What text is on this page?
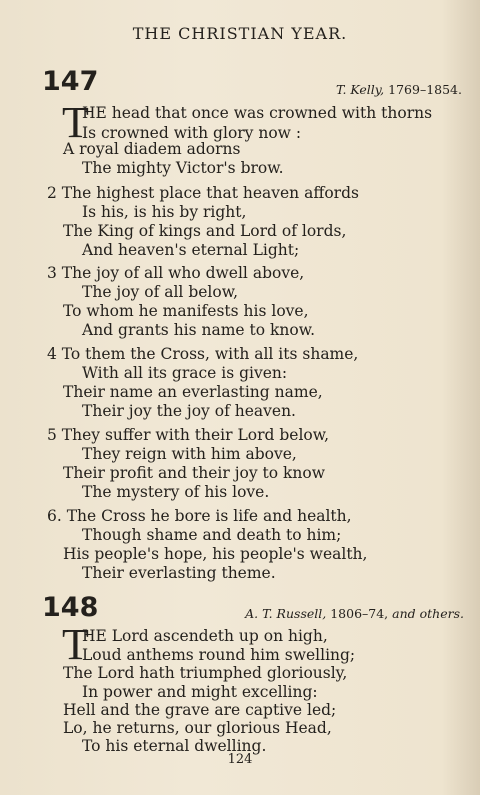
THE CHRISTIAN YEAR.
147	T. Kelly, 1769–1854.
T
HE head that once was crowned with thorns
Is crowned with glory now :
A royal diadem adorns
The mighty Victor's brow.
2 The highest place that heaven affords
Is his, is his by right,
The King of kings and Lord of lords,
And heaven's eternal Light;
3 The joy of all who dwell above,
The joy of all below,
To whom he manifests his love,
And grants his name to know.
4 To them the Cross, with all its shame,
With all its grace is given:
Their name an everlasting name,
Their joy the joy of heaven.
5 They suffer with their Lord below,
They reign with him above,
Their profit and their joy to know
The mystery of his love.
6. The Cross he bore is life and health,
Though shame and death to him;
His people's hope, his people's wealth,
Their everlasting theme.
148	A. T. Russell, 1806–74, and others.
T
HE Lord ascendeth up on high,
Loud anthems round him swelling;
The Lord hath triumphed gloriously,
In power and might excelling:
Hell and the grave are captive led;
Lo, he returns, our glorious Head,
To his eternal dwelling.
124
